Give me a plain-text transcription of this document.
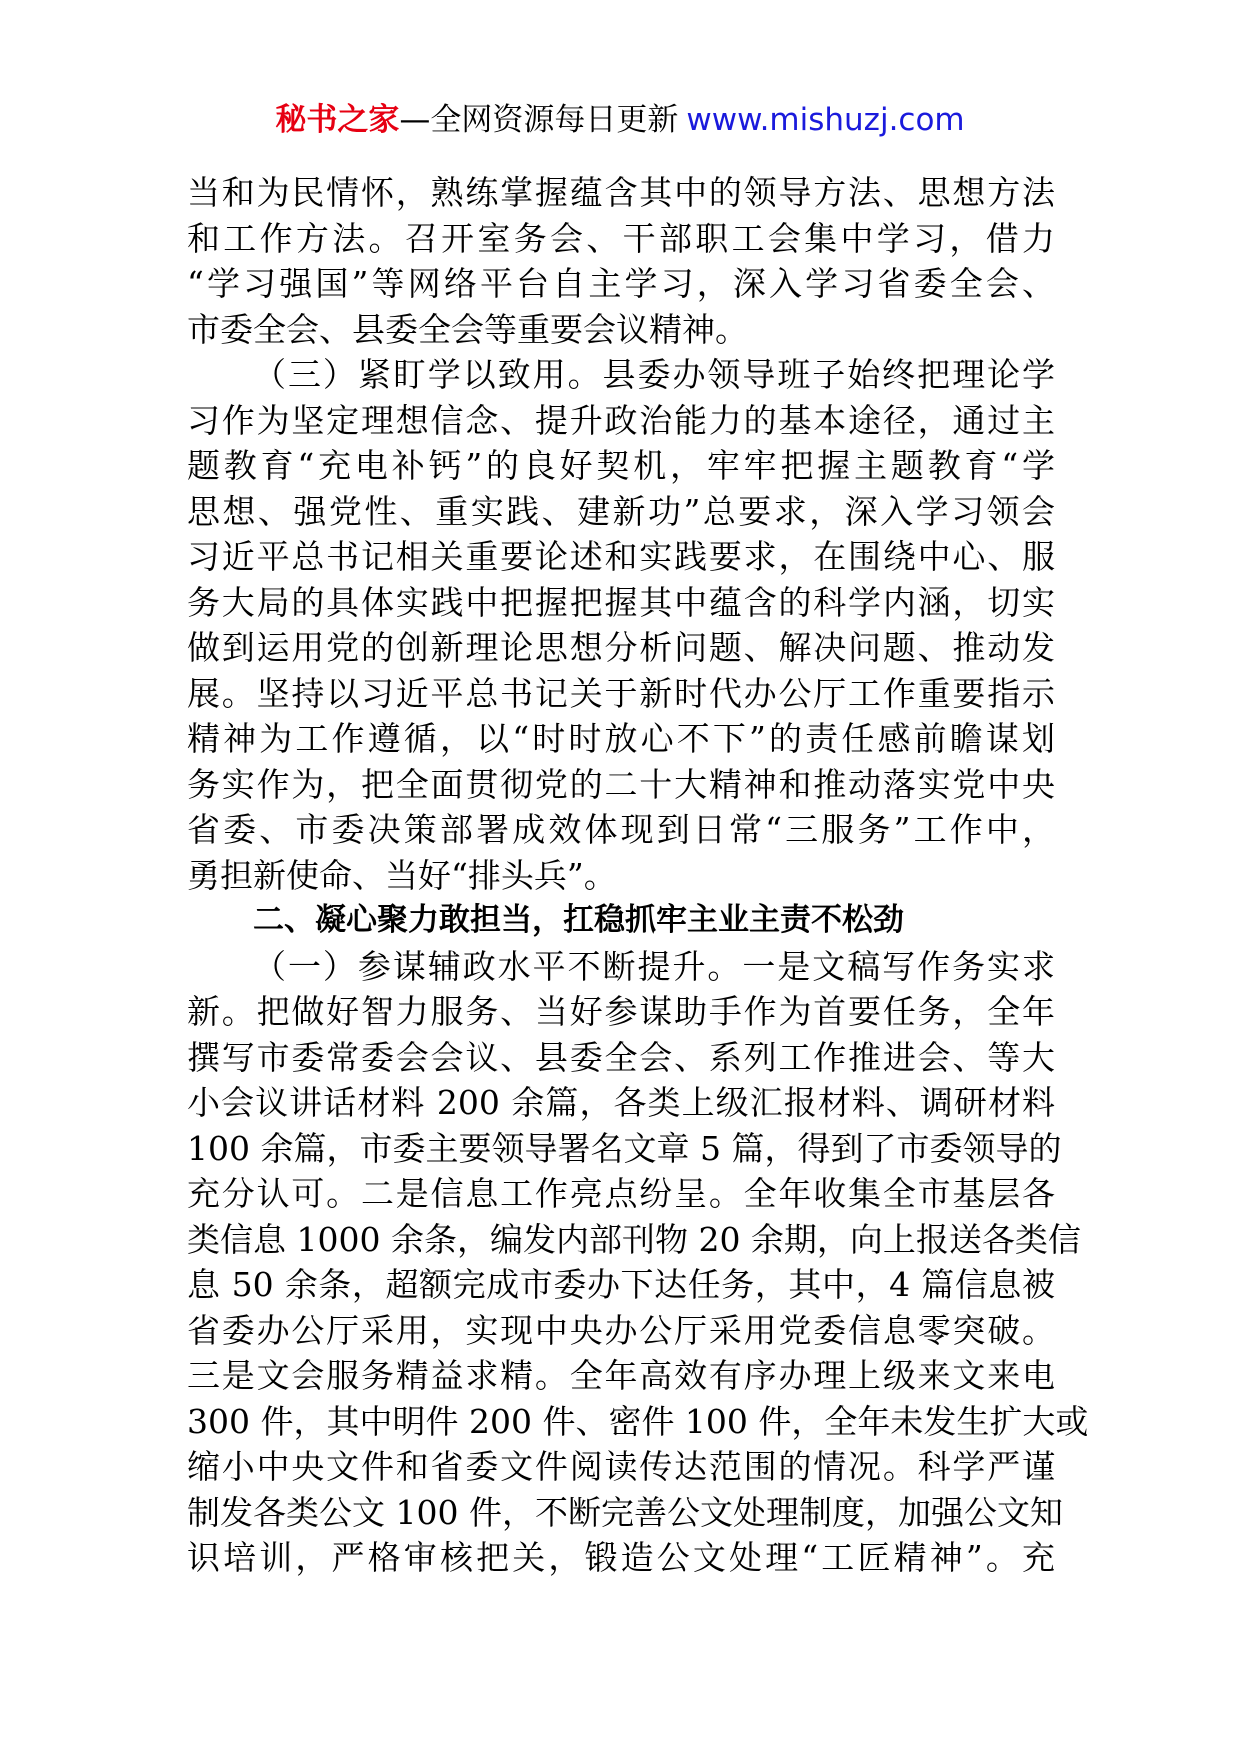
秘书之家—全网资源每日更新 www.mishuzj.com
当和为民情怀，熟练掌握蕴含其中的领导方法、思想方法
和工作方法。召开室务会、干部职工会集中学习，借力
“学习强国”等网络平台自主学习，深入学习省委全会、
市委全会、县委全会等重要会议精神。
（三）紧盯学以致用。县委办领导班子始终把理论学
习作为坚定理想信念、提升政治能力的基本途径，通过主
题教育“充电补钙”的良好契机，牢牢把握主题教育“学
思想、强党性、重实践、建新功”总要求，深入学习领会
习近平总书记相关重要论述和实践要求，在围绕中心、服
务大局的具体实践中把握把握其中蕴含的科学内涵，切实
做到运用党的创新理论思想分析问题、解决问题、推动发
展。坚持以习近平总书记关于新时代办公厅工作重要指示
精神为工作遵循，以“时时放心不下”的责任感前瞻谋划
务实作为，把全面贯彻党的二十大精神和推动落实党中央
省委、市委决策部署成效体现到日常“三服务”工作中，
勇担新使命、当好“排头兵”。
二、凝心聚力敢担当，扛稳抓牢主业主责不松劲
（一）参谋辅政水平不断提升。一是文稿写作务实求
新。把做好智力服务、当好参谋助手作为首要任务，全年
撰写市委常委会会议、县委全会、系列工作推进会、等大
小会议讲话材料 200 余篇，各类上级汇报材料、调研材料
100 余篇，市委主要领导署名文章 5 篇，得到了市委领导的
充分认可。二是信息工作亮点纷呈。全年收集全市基层各
类信息 1000 余条，编发内部刊物 20 余期，向上报送各类信
息 50 余条，超额完成市委办下达任务，其中，4 篇信息被
省委办公厅采用，实现中央办公厅采用党委信息零突破。
三是文会服务精益求精。全年高效有序办理上级来文来电
300 件，其中明件 200 件、密件 100 件，全年未发生扩大或
缩小中央文件和省委文件阅读传达范围的情况。科学严谨
制发各类公文 100 件，不断完善公文处理制度，加强公文知
识培训，严格审核把关，锻造公文处理“工匠精神”。充
